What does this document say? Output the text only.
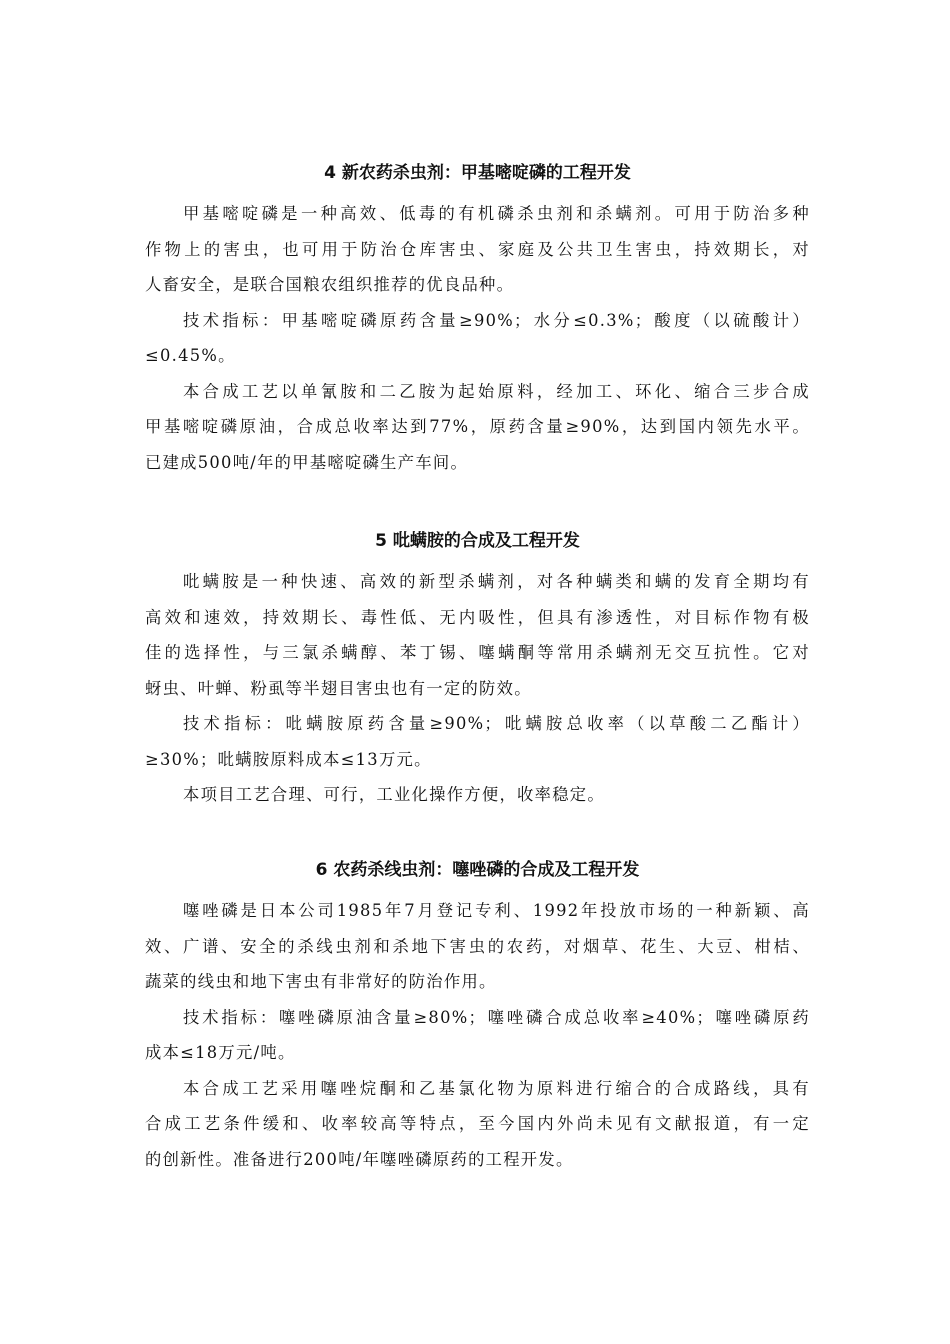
4 新农药杀虫剂：甲基嘧啶磷的工程开发

甲基嘧啶磷是一种高效、低毒的有机磷杀虫剂和杀螨剂。可用于防治多种

作物上的害虫，也可用于防治仓库害虫、家庭及公共卫生害虫，持效期长，对

人畜安全，是联合国粮农组织推荐的优良品种。

技术指标：甲基嘧啶磷原药含量≥90%；水分≤0.3%；酸度（以硫酸计）

≤0.45%。

本合成工艺以单氰胺和二乙胺为起始原料，经加工、环化、缩合三步合成

甲基嘧啶磷原油，合成总收率达到77%，原药含量≥90%，达到国内领先水平。

已建成500吨/年的甲基嘧啶磷生产车间。

5 吡螨胺的合成及工程开发

吡螨胺是一种快速、高效的新型杀螨剂，对各种螨类和螨的发育全期均有

高效和速效，持效期长、毒性低、无内吸性，但具有渗透性，对目标作物有极

佳的选择性，与三氯杀螨醇、苯丁锡、噻螨酮等常用杀螨剂无交互抗性。它对

蚜虫、叶蝉、粉虱等半翅目害虫也有一定的防效。

技术指标：吡螨胺原药含量≥90%；吡螨胺总收率（以草酸二乙酯计）

≥30%；吡螨胺原料成本≤13万元。

本项目工艺合理、可行，工业化操作方便，收率稳定。

6 农药杀线虫剂：噻唑磷的合成及工程开发

噻唑磷是日本公司1985年7月登记专利、1992年投放市场的一种新颖、高

效、广谱、安全的杀线虫剂和杀地下害虫的农药，对烟草、花生、大豆、柑桔、

蔬菜的线虫和地下害虫有非常好的防治作用。

技术指标：噻唑磷原油含量≥80%；噻唑磷合成总收率≥40%；噻唑磷原药

成本≤18万元/吨。

本合成工艺采用噻唑烷酮和乙基氯化物为原料进行缩合的合成路线，具有

合成工艺条件缓和、收率较高等特点，至今国内外尚未见有文献报道，有一定

的创新性。准备进行200吨/年噻唑磷原药的工程开发。
